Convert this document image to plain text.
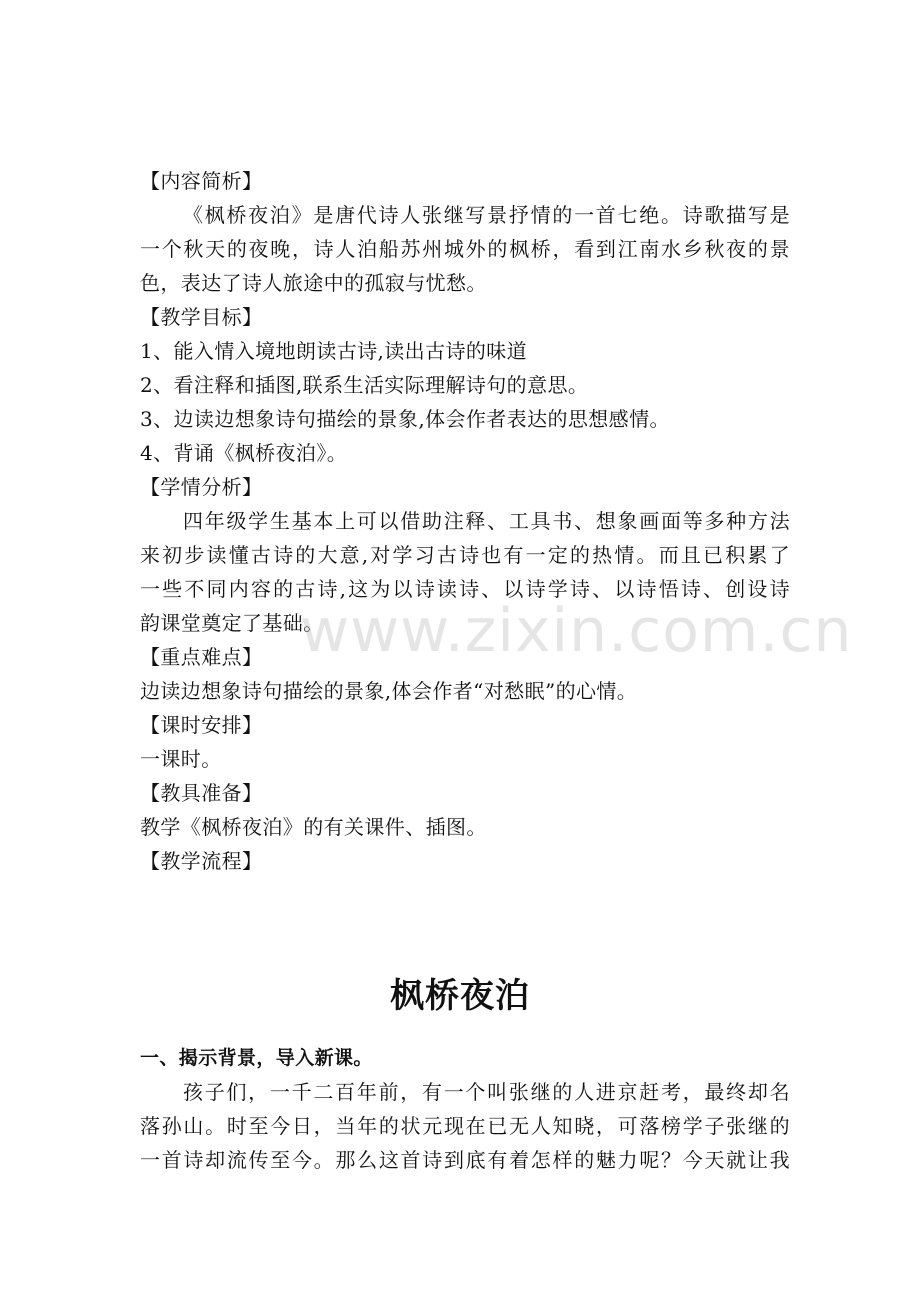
【内容简析】
《枫桥夜泊》是唐代诗人张继写景抒情的一首七绝。诗歌描写是
一个秋天的夜晚，诗人泊船苏州城外的枫桥，看到江南水乡秋夜的景
色，表达了诗人旅途中的孤寂与忧愁。
【教学目标】
1、能入情入境地朗读古诗,读出古诗的味道
2、看注释和插图,联系生活实际理解诗句的意思。
3、边读边想象诗句描绘的景象,体会作者表达的思想感情。
4、背诵《枫桥夜泊》。
【学情分析】
四年级学生基本上可以借助注释、工具书、想象画面等多种方法
来初步读懂古诗的大意,对学习古诗也有一定的热情。而且已积累了
一些不同内容的古诗,这为以诗读诗、以诗学诗、以诗悟诗、创设诗
韵课堂奠定了基础。
【重点难点】
边读边想象诗句描绘的景象,体会作者“对愁眠”的心情。
【课时安排】
一课时。
【教具准备】
教学《枫桥夜泊》的有关课件、插图。
【教学流程】
枫桥夜泊
一、揭示背景，导入新课。
孩子们，一千二百年前，有一个叫张继的人进京赶考，最终却名
落孙山。时至今日，当年的状元现在已无人知晓，可落榜学子张继的
一首诗却流传至今。那么这首诗到底有着怎样的魅力呢？今天就让我
www.zixin.com.cn
